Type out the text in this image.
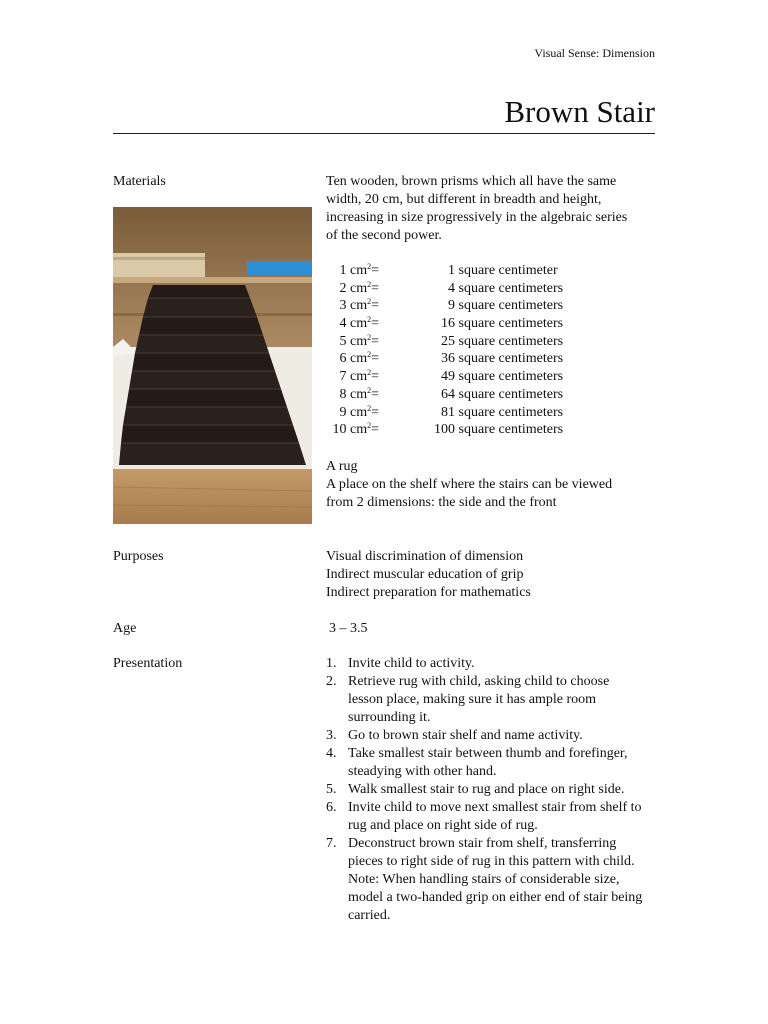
Visual Sense: Dimension
Brown Stair
Materials	Ten wooden, brown prisms which all have the same

width, 20 cm, but different in breadth and height,

increasing in size progressively in the algebraic series

of the second power.

1 $cm^2=$	1 square centimeter
2 $cm^2=$	4 square centimeters
3 $cm^2=$	9 square centimeters
4 $cm^2=$	16 square centimeters
5 $cm^2=$	25 square centimeters
6 $cm^2=$	36 square centimeters
7 $cm^2=$	49 square centimeters
8 $cm^2=$	64 square centimeters
9 $cm^2=$	81 square centimeters
10 $cm^2=$	100 square centimeters

A rug

A place on the shelf where the stairs can be viewed

from 2 dimensions: the side and the front

Purposes	Visual discrimination of dimension

Indirect muscular education of grip

Indirect preparation for mathematics

Age	3 – 3.5
Presentation	1. Invite child to activity.
2. Retrieve rug with child, asking child to choose
lesson place, making sure it has ample room
surrounding it.
3. Go to brown stair shelf and name activity.
4. Take smallest stair between thumb and forefinger,
steadying with other hand.
5. Walk smallest stair to rug and place on right side.
6. Invite child to move next smallest stair from shelf to
rug and place on right side of rug.
7. Deconstruct brown stair from shelf, transferring
pieces to right side of rug in this pattern with child.
Note: When handling stairs of considerable size,
model a two-handed grip on either end of stair being
carried.
